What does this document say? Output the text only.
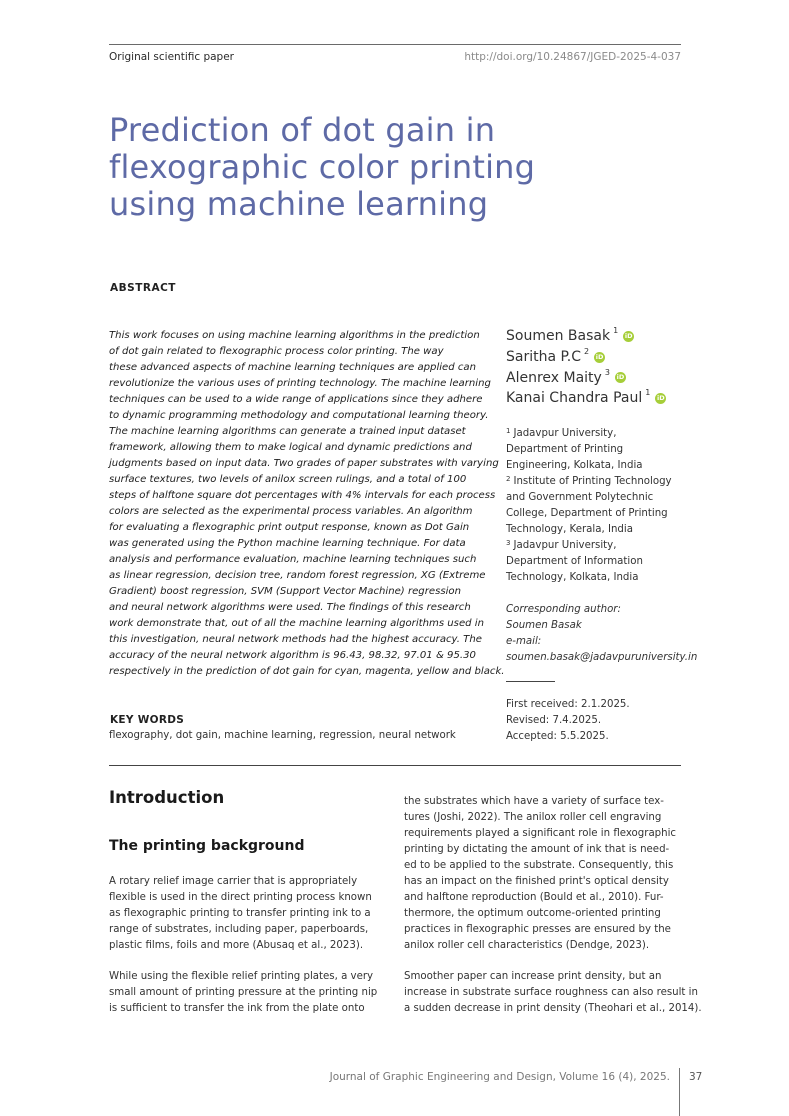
Original scientific paper	http://doi.org/10.24867/JGED-2025-4-037
Prediction of dot gain in
flexographic color printing
using machine learning
ABSTRACT
This work focuses on using machine learning algorithms in the prediction
of dot gain related to flexographic process color printing. The way
these advanced aspects of machine learning techniques are applied can
revolutionize the various uses of printing technology. The machine learning
techniques can be used to a wide range of applications since they adhere
to dynamic programming methodology and computational learning theory.
The machine learning algorithms can generate a trained input dataset
framework, allowing them to make logical and dynamic predictions and
judgments based on input data. Two grades of paper substrates with varying
surface textures, two levels of anilox screen rulings, and a total of 100
steps of halftone square dot percentages with 4% intervals for each process
colors are selected as the experimental process variables. An algorithm
for evaluating a flexographic print output response, known as Dot Gain
was generated using the Python machine learning technique. For data
analysis and performance evaluation, machine learning techniques such
as linear regression, decision tree, random forest regression, XG (Extreme
Gradient) boost regression, SVM (Support Vector Machine) regression
and neural network algorithms were used. The findings of this research
work demonstrate that, out of all the machine learning algorithms used in
this investigation, neural network methods had the highest accuracy. The
accuracy of the neural network algorithm is 96.43, 98.32, 97.01 & 95.30
respectively in the prediction of dot gain for cyan, magenta, yellow and black.
Soumen Basak 1
iD
Saritha P.C 2
iD
Alenrex Maity 3
iD
Kanai Chandra Paul 1
iD
$^1$ Jadavpur University,
Department of Printing
Engineering, Kolkata, India
$^2$ Institute of Printing Technology
and Government Polytechnic
College, Department of Printing
Technology, Kerala, India
$^3$ Jadavpur University,
Department of Information
Technology, Kolkata, India
Corresponding author:
Soumen Basak
e-mail:
soumen.basak@jadavpuruniversity.in
First received: 2.1.2025.
Revised: 7.4.2025.
Accepted: 5.5.2025.
KEY WORDS
flexography, dot gain, machine learning, regression, neural network
Introduction
The printing background
A rotary relief image carrier that is appropriately
flexible is used in the direct printing process known
as flexographic printing to transfer printing ink to a
range of substrates, including paper, paperboards,
plastic films, foils and more (Abusaq et al., 2023).
While using the flexible relief printing plates, a very
small amount of printing pressure at the printing nip
is sufficient to transfer the ink from the plate onto
the substrates which have a variety of surface tex-
tures (Joshi, 2022). The anilox roller cell engraving
requirements played a significant role in flexographic
printing by dictating the amount of ink that is need-
ed to be applied to the substrate. Consequently, this
has an impact on the finished print's optical density
and halftone reproduction (Bould et al., 2010). Fur-
thermore, the optimum outcome-oriented printing
practices in flexographic presses are ensured by the
anilox roller cell characteristics (Dendge, 2023).
Smoother paper can increase print density, but an
increase in substrate surface roughness can also result in
a sudden decrease in print density (Theohari et al., 2014).
Journal of Graphic Engineering and Design, Volume 16 (4), 2025. 37
